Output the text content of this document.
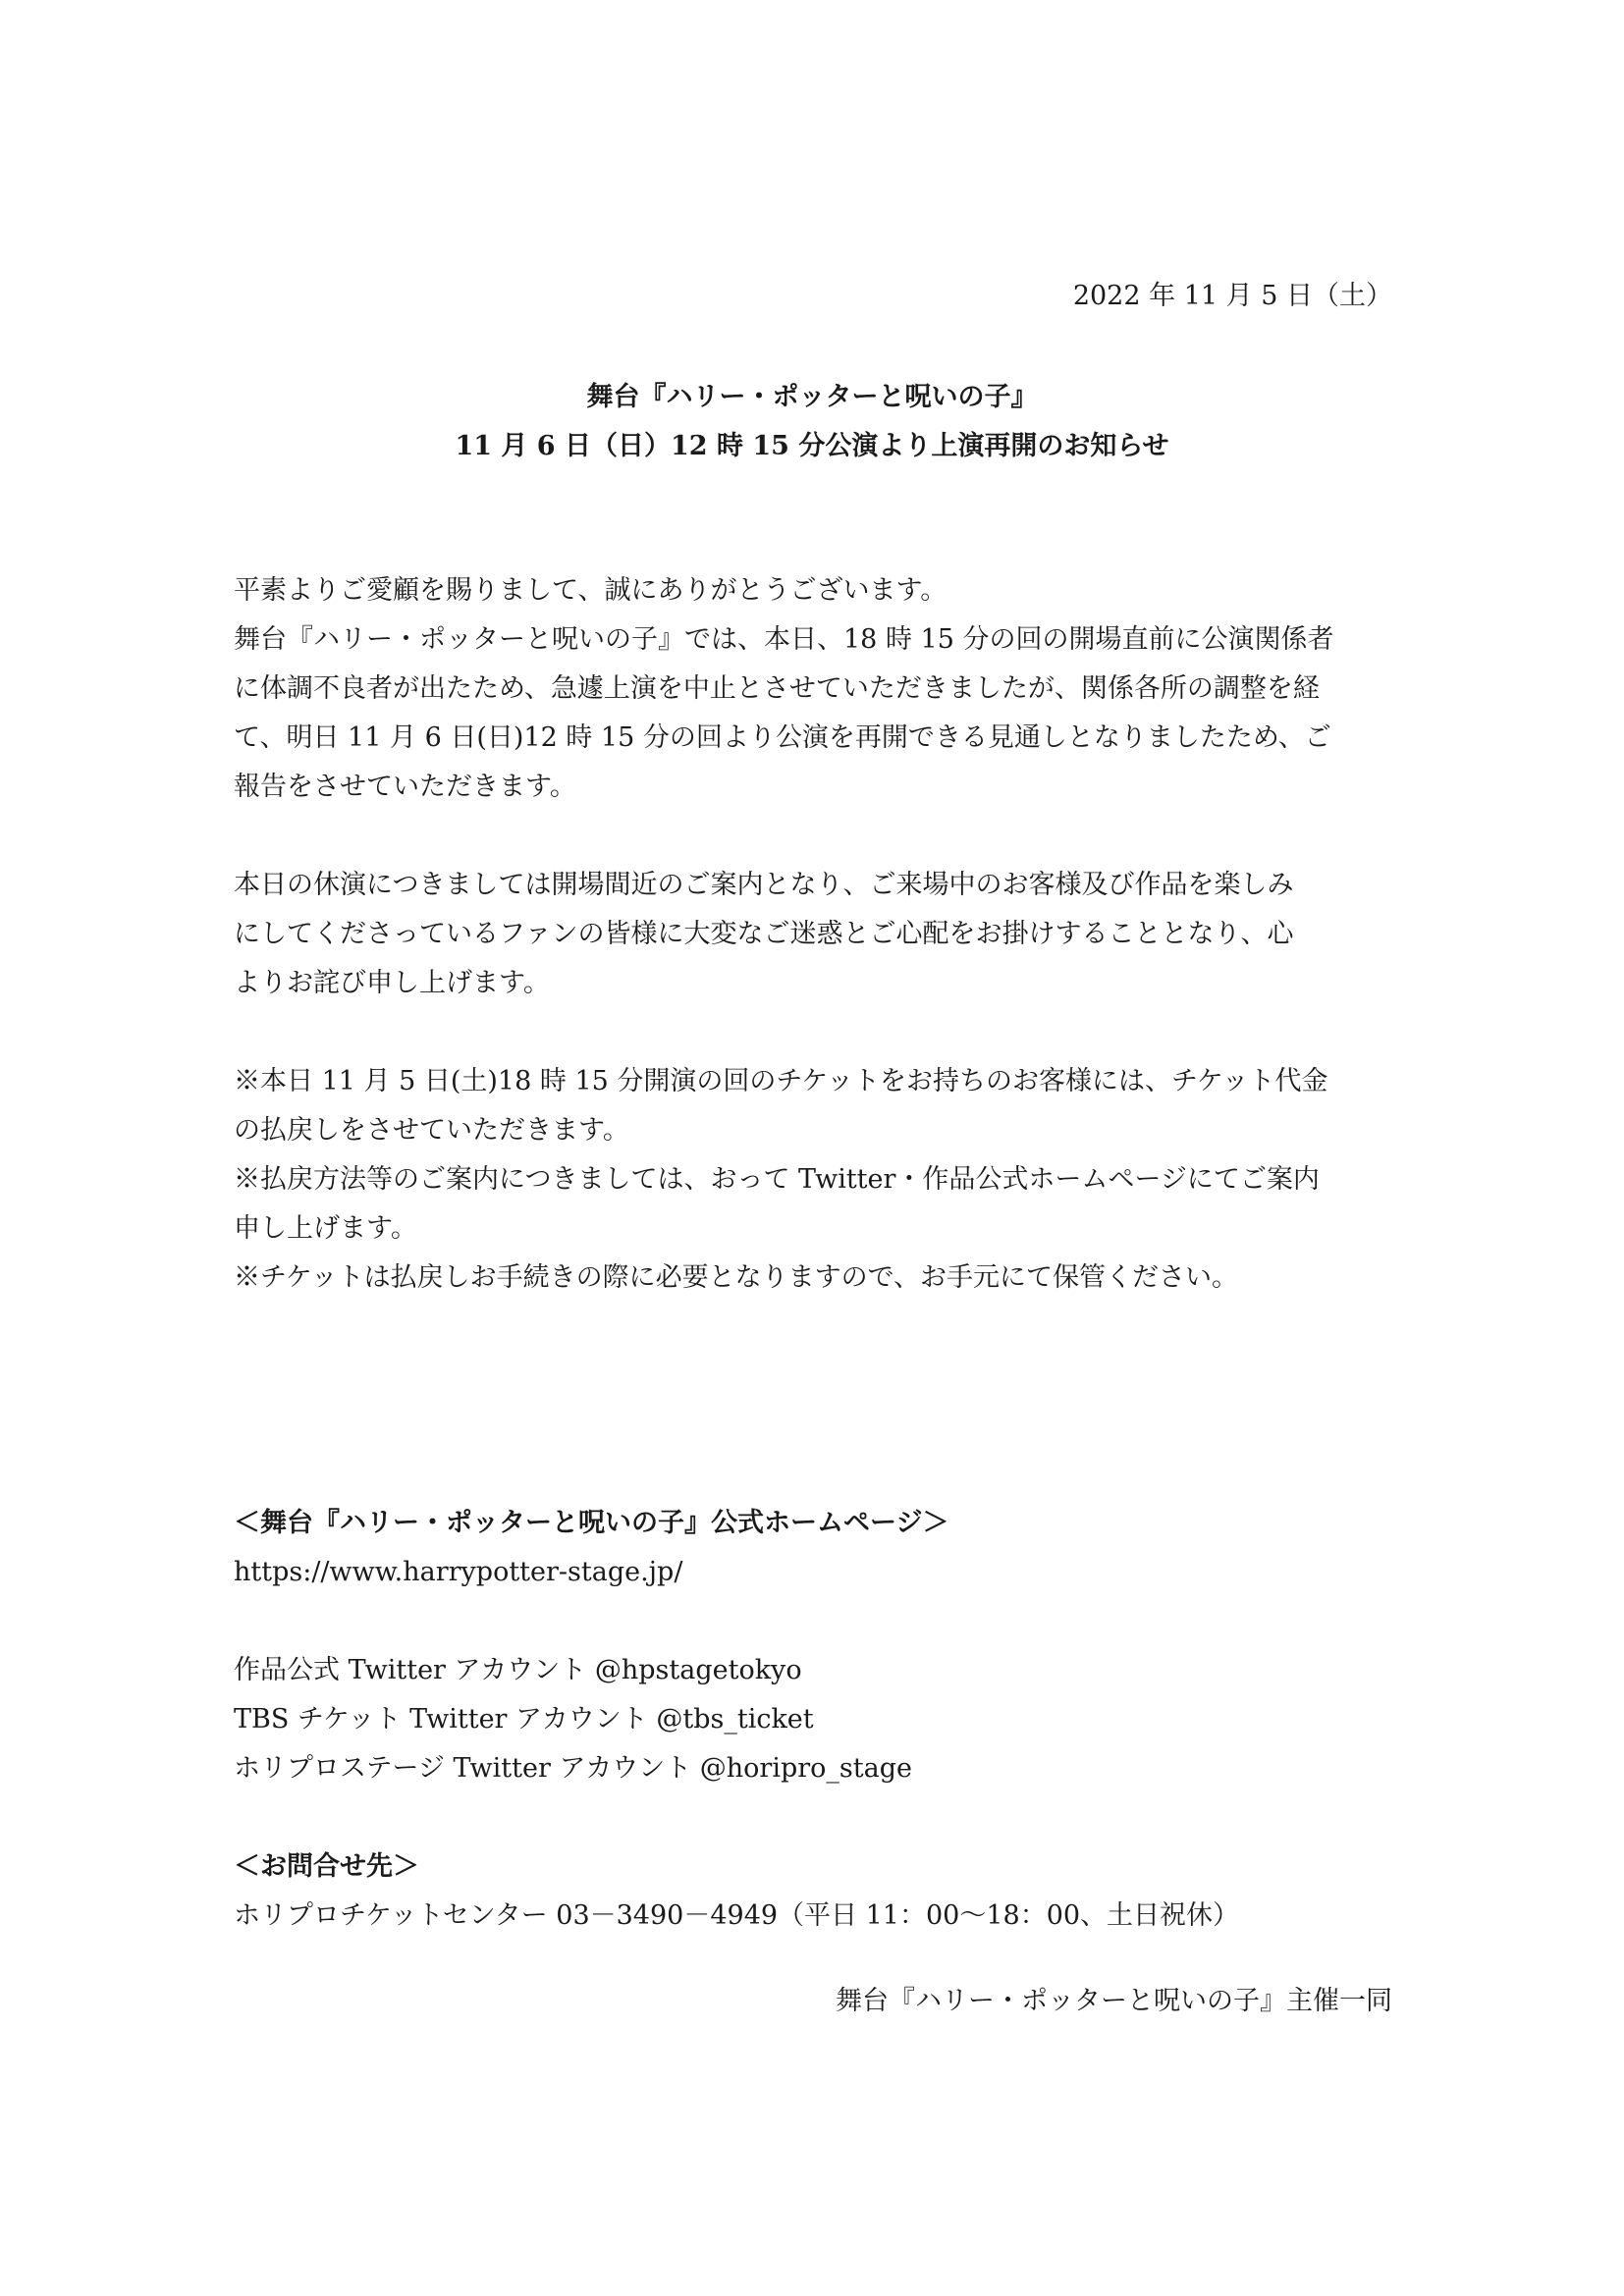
2022 年 11 月 5 日（土）
舞台『ハリー・ポッターと呪いの子』
11 月 6 日（日）12 時 15 分公演より上演再開のお知らせ
平素よりご愛顧を賜りまして、誠にありがとうございます。
舞台『ハリー・ポッターと呪いの子』では、本日、18 時 15 分の回の開場直前に公演関係者
に体調不良者が出たため、急遽上演を中止とさせていただきましたが、関係各所の調整を経
て、明日 11 月 6 日(日)12 時 15 分の回より公演を再開できる見通しとなりましたため、ご
報告をさせていただきます。
本日の休演につきましては開場間近のご案内となり、ご来場中のお客様及び作品を楽しみ
にしてくださっているファンの皆様に大変なご迷惑とご心配をお掛けすることとなり、心
よりお詫び申し上げます。
※本日 11 月 5 日(土)18 時 15 分開演の回のチケットをお持ちのお客様には、チケット代金
の払戻しをさせていただきます。
※払戻方法等のご案内につきましては、おって Twitter・作品公式ホームページにてご案内
申し上げます。
※チケットは払戻しお手続きの際に必要となりますので、お手元にて保管ください。
＜舞台『ハリー・ポッターと呪いの子』公式ホームページ＞
https://www.harrypotter-stage.jp/
作品公式 Twitter アカウント @hpstagetokyo
TBS チケット Twitter アカウント @tbs_ticket
ホリプロステージ Twitter アカウント @horipro_stage
＜お問合せ先＞
ホリプロチケットセンター 03－3490－4949（平日 11：00～18：00、土日祝休）
舞台『ハリー・ポッターと呪いの子』主催一同
